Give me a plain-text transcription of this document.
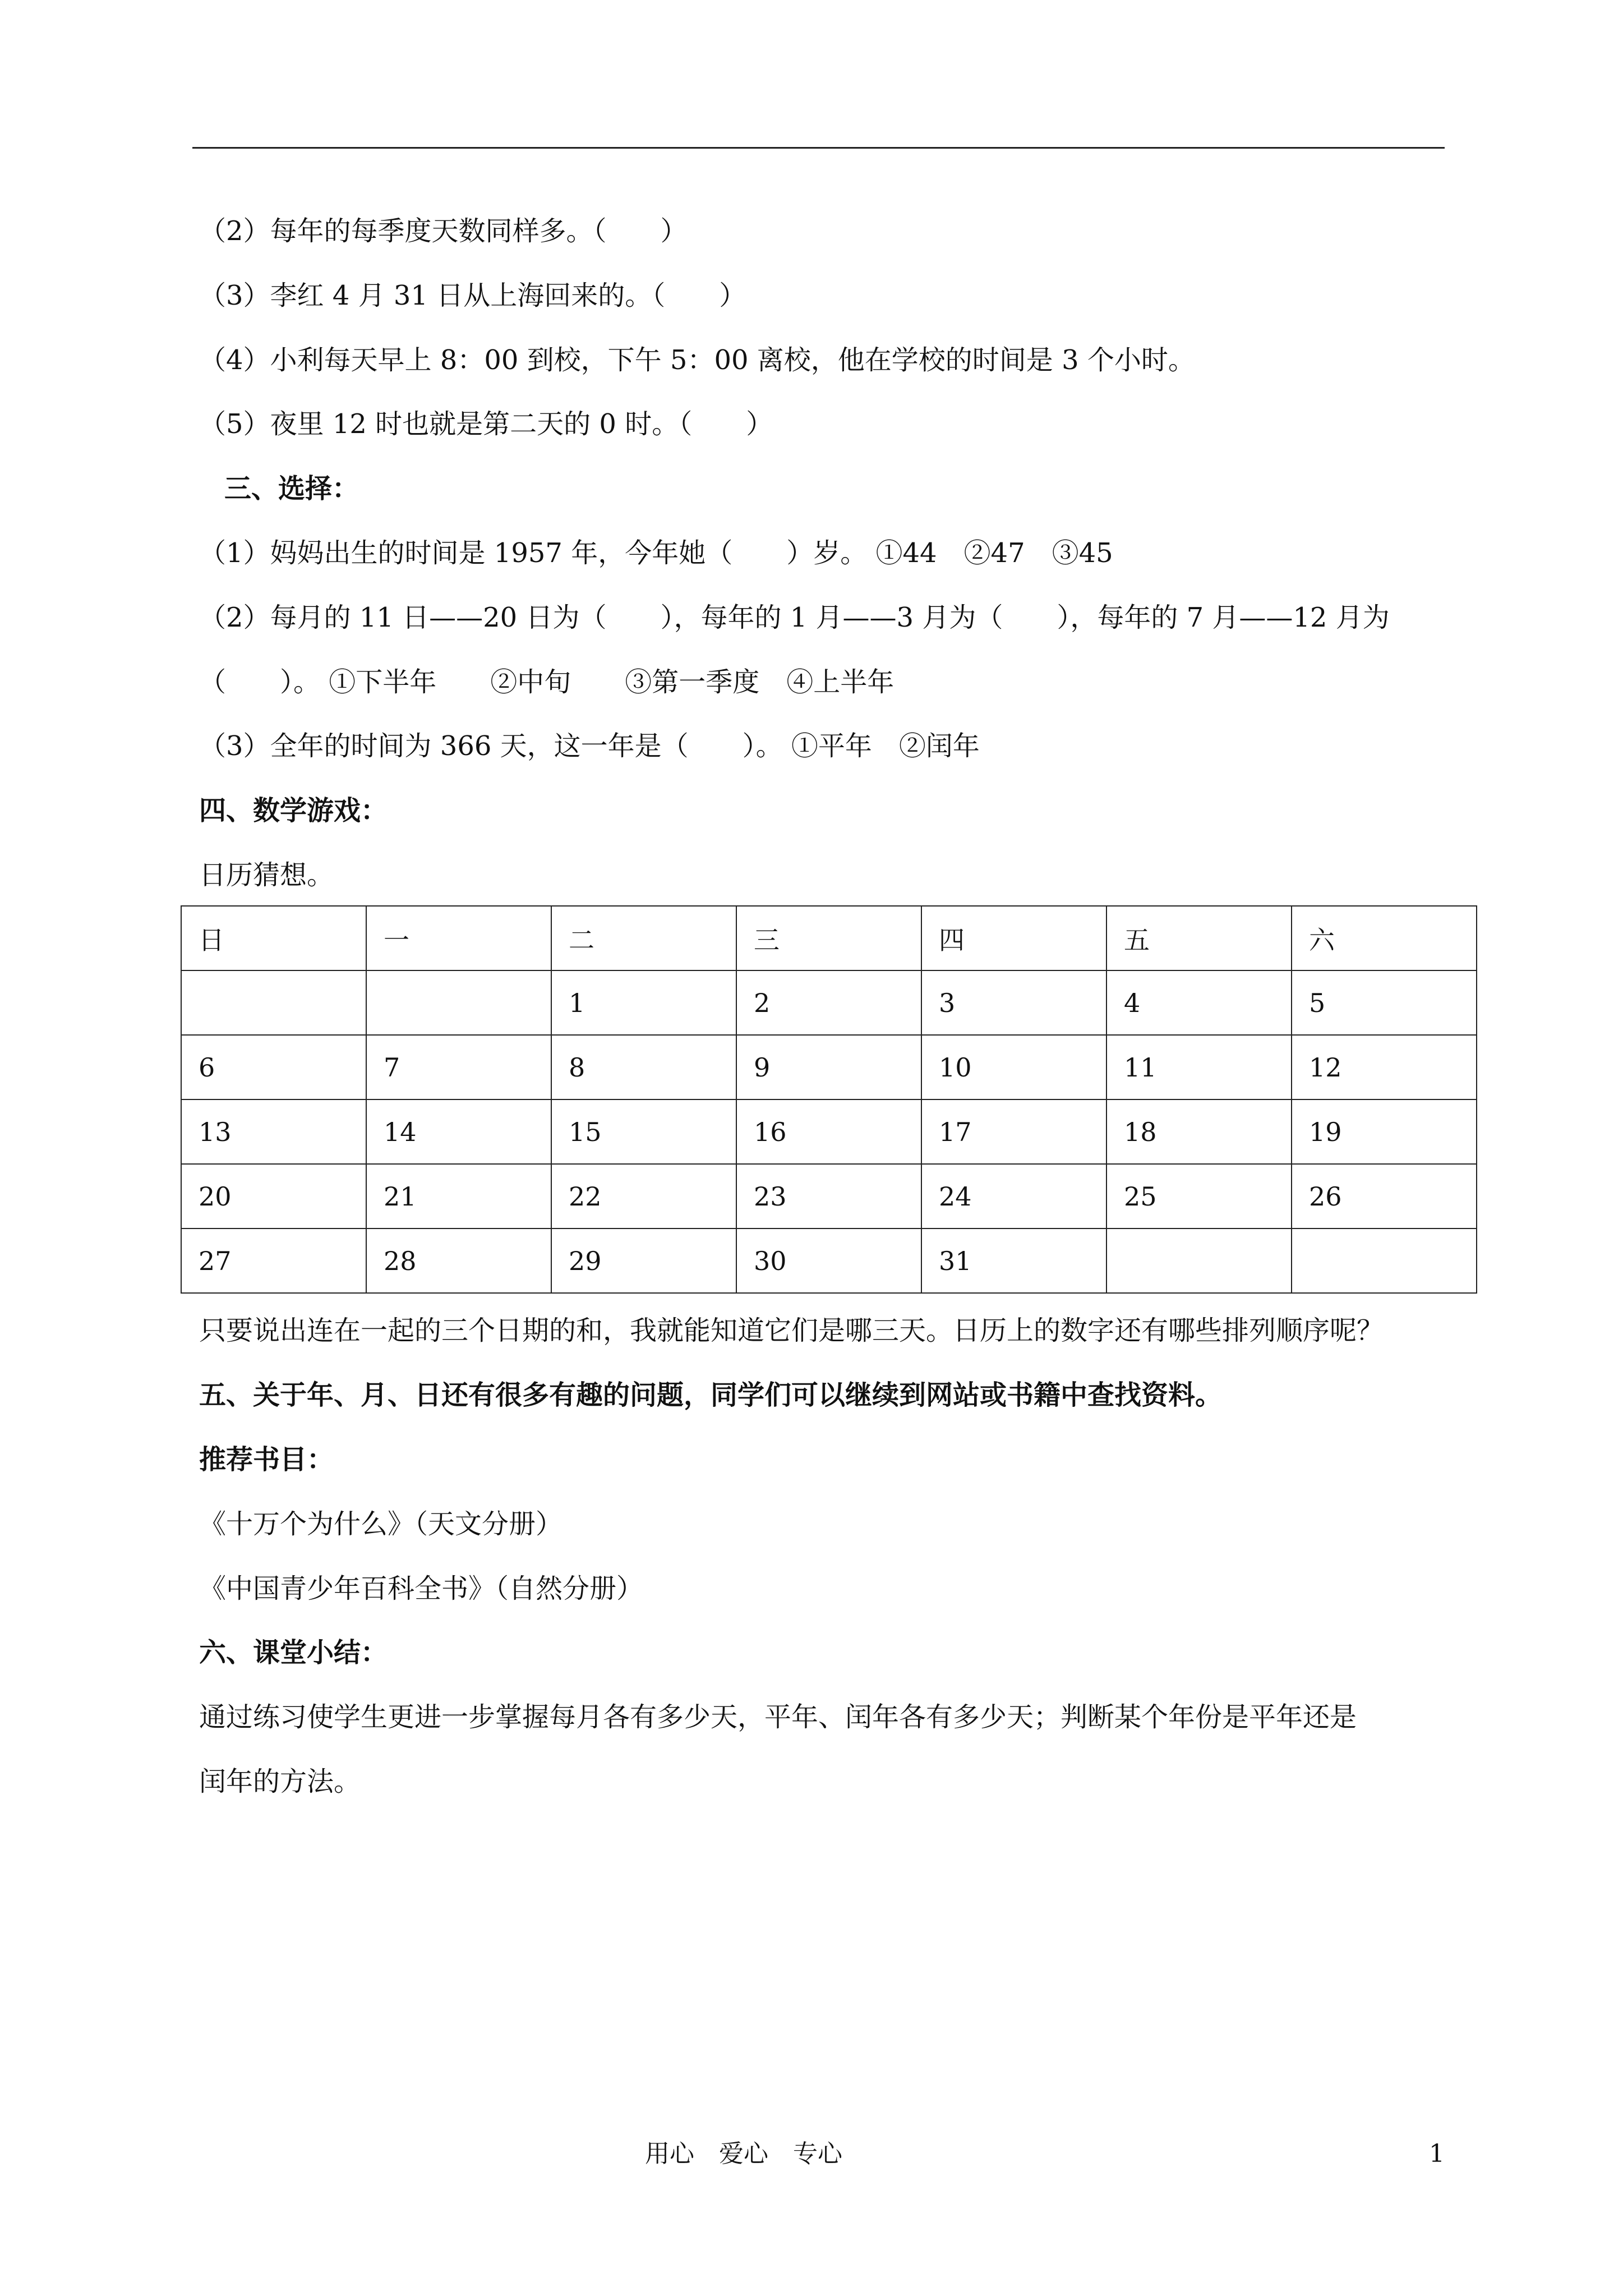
（2）每年的每季度天数同样多。（　　）
（3）李红 4 月 31 日从上海回来的。（　　）
（4）小利每天早上 8：00 到校，下午 5：00 离校，他在学校的时间是 3 个小时。
（5）夜里 12 时也就是第二天的 0 时。（　　）
三、选择：
（1）妈妈出生的时间是 1957 年，今年她（　　）岁。 ①44　②47　③45
（2）每月的 11 日——20 日为（　　），每年的 1 月——3 月为（　　），每年的 7 月——12 月为
（　　）。 ①下半年　　②中旬　　③第一季度　④上半年
（3）全年的时间为 366 天，这一年是（　　）。 ①平年　②闰年
四、数学游戏：
日历猜想。
日	一	二	三	四	五	六
		1	2	3	4	5
6	7	8	9	10	11	12
13	14	15	16	17	18	19
20	21	22	23	24	25	26
27	28	29	30	31		
只要说出连在一起的三个日期的和，我就能知道它们是哪三天。日历上的数字还有哪些排列顺序呢？
五、关于年、月、日还有很多有趣的问题，同学们可以继续到网站或书籍中查找资料。
推荐书目：
《十万个为什么》（天文分册）
《中国青少年百科全书》（自然分册）
六、课堂小结：
通过练习使学生更进一步掌握每月各有多少天，平年、闰年各有多少天；判断某个年份是平年还是
闰年的方法。
用心　爱心　专心	1
